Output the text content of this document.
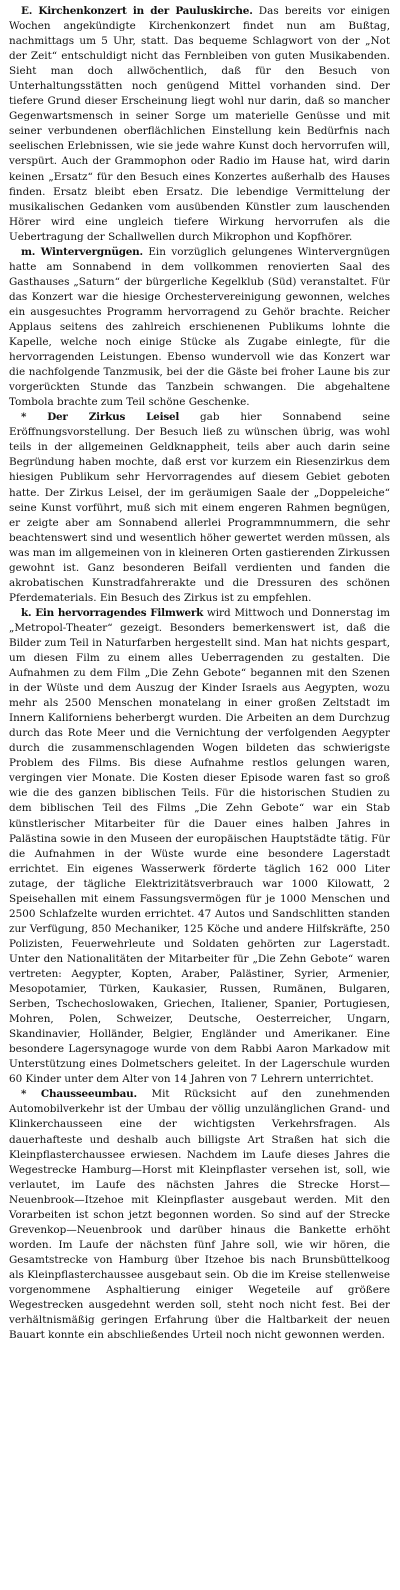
E. Kirchenkonzert in der Pauluskirche. Das bereits vor einigen Wochen angekündigte Kirchenkonzert findet nun am Bußtag, nachmittags um 5 Uhr, statt. Das bequeme Schlagwort von der „Not der Zeit“ entschuldigt nicht das Fernbleiben von guten Musikabenden. Sieht man doch allwöchentlich, daß für den Besuch von Unterhaltungsstätten noch genügend Mittel vorhanden sind. Der tiefere Grund dieser Erscheinung liegt wohl nur darin, daß so mancher Gegenwartsmensch in seiner Sorge um materielle Genüsse und mit seiner verbundenen oberflächlichen Einstellung kein Bedürfnis nach seelischen Erlebnissen, wie sie jede wahre Kunst doch hervorrufen will, verspürt. Auch der Grammophon oder Radio im Hause hat, wird darin keinen „Ersatz“ für den Besuch eines Konzertes außerhalb des Hauses finden. Ersatz bleibt eben Ersatz. Die lebendige Vermittelung der musikalischen Gedanken vom ausübenden Künstler zum lauschenden Hörer wird eine ungleich tiefere Wirkung hervorrufen als die Uebertragung der Schallwellen durch Mikrophon und Kopfhörer.

m. Wintervergnügen. Ein vorzüglich gelungenes Wintervergnügen hatte am Sonnabend in dem vollkommen renovierten Saal des Gasthauses „Saturn“ der bürgerliche Kegelklub (Süd) veranstaltet. Für das Konzert war die hiesige Orchestervereinigung gewonnen, welches ein ausgesuchtes Programm hervorragend zu Gehör brachte. Reicher Applaus seitens des zahlreich erschienenen Publikums lohnte die Kapelle, welche noch einige Stücke als Zugabe einlegte, für die hervorragenden Leistungen. Ebenso wundervoll wie das Konzert war die nachfolgende Tanzmusik, bei der die Gäste bei froher Laune bis zur vorgerückten Stunde das Tanzbein schwangen. Die abgehaltene Tombola brachte zum Teil schöne Geschenke.

* Der Zirkus Leisel gab hier Sonnabend seine Eröffnungsvorstellung. Der Besuch ließ zu wünschen übrig, was wohl teils in der allgemeinen Geldknappheit, teils aber auch darin seine Begründung haben mochte, daß erst vor kurzem ein Riesenzirkus dem hiesigen Publikum sehr Hervorragendes auf diesem Gebiet geboten hatte. Der Zirkus Leisel, der im geräumigen Saale der „Doppeleiche“ seine Kunst vorführt, muß sich mit einem engeren Rahmen begnügen, er zeigte aber am Sonnabend allerlei Programmnummern, die sehr beachtenswert sind und wesentlich höher gewertet werden müssen, als was man im allgemeinen von in kleineren Orten gastierenden Zirkussen gewohnt ist. Ganz besonderen Beifall verdienten und fanden die akrobatischen Kunstradfahrerakte und die Dressuren des schönen Pferdematerials. Ein Besuch des Zirkus ist zu empfehlen.

k. Ein hervorragendes Filmwerk wird Mittwoch und Donnerstag im „Metropol-Theater“ gezeigt. Besonders bemerkenswert ist, daß die Bilder zum Teil in Naturfarben hergestellt sind. Man hat nichts gespart, um diesen Film zu einem alles Ueberragenden zu gestalten. Die Aufnahmen zu dem Film „Die Zehn Gebote“ begannen mit den Szenen in der Wüste und dem Auszug der Kinder Israels aus Aegypten, wozu mehr als 2500 Menschen monatelang in einer großen Zeltstadt im Innern Kaliforniens beherbergt wurden. Die Arbeiten an dem Durchzug durch das Rote Meer und die Vernichtung der verfolgenden Aegypter durch die zusammenschlagenden Wogen bildeten das schwierigste Problem des Films. Bis diese Aufnahme restlos gelungen waren, vergingen vier Monate. Die Kosten dieser Episode waren fast so groß wie die des ganzen biblischen Teils. Für die historischen Studien zu dem biblischen Teil des Films „Die Zehn Gebote“ war ein Stab künstlerischer Mitarbeiter für die Dauer eines halben Jahres in Palästina sowie in den Museen der europäischen Hauptstädte tätig. Für die Aufnahmen in der Wüste wurde eine besondere Lagerstadt errichtet. Ein eigenes Wasserwerk förderte täglich 162 000 Liter zutage, der tägliche Elektrizitätsverbrauch war 1000 Kilowatt, 2 Speisehallen mit einem Fassungsvermögen für je 1000 Menschen und 2500 Schlafzelte wurden errichtet. 47 Autos und Sandschlitten standen zur Verfügung, 850 Mechaniker, 125 Köche und andere Hilfskräfte, 250 Polizisten, Feuerwehrleute und Soldaten gehörten zur Lagerstadt. Unter den Nationalitäten der Mitarbeiter für „Die Zehn Gebote“ waren vertreten: Aegypter, Kopten, Araber, Palästiner, Syrier, Armenier, Mesopotamier, Türken, Kaukasier, Russen, Rumänen, Bulgaren, Serben, Tschechoslowaken, Griechen, Italiener, Spanier, Portugiesen, Mohren, Polen, Schweizer, Deutsche, Oesterreicher, Ungarn, Skandinavier, Holländer, Belgier, Engländer und Amerikaner. Eine besondere Lagersynagoge wurde von dem Rabbi Aaron Markadow mit Unterstützung eines Dolmetschers geleitet. In der Lagerschule wurden 60 Kinder unter dem Alter von 14 Jahren von 7 Lehrern unterrichtet.

* Chausseeumbau. Mit Rücksicht auf den zunehmenden Automobilverkehr ist der Umbau der völlig unzulänglichen Grand- und Klinkerchausseen eine der wichtigsten Verkehrsfragen. Als dauerhafteste und deshalb auch billigste Art Straßen hat sich die Kleinpflasterchaussee erwiesen. Nachdem im Laufe dieses Jahres die Wegestrecke Hamburg—Horst mit Kleinpflaster versehen ist, soll, wie verlautet, im Laufe des nächsten Jahres die Strecke Horst—Neuenbrook—Itzehoe mit Kleinpflaster ausgebaut werden. Mit den Vorarbeiten ist schon jetzt begonnen worden. So sind auf der Strecke Grevenkop—Neuenbrook und darüber hinaus die Bankette erhöht worden. Im Laufe der nächsten fünf Jahre soll, wie wir hören, die Gesamtstrecke von Hamburg über Itzehoe bis nach Brunsbüttelkoog als Kleinpflasterchaussee ausgebaut sein. Ob die im Kreise stellenweise vorgenommene Asphaltierung einiger Wegeteile auf größere Wegestrecken ausgedehnt werden soll, steht noch nicht fest. Bei der verhältnismäßig geringen Erfahrung über die Haltbarkeit der neuen Bauart konnte ein abschließendes Urteil noch nicht gewonnen werden.
